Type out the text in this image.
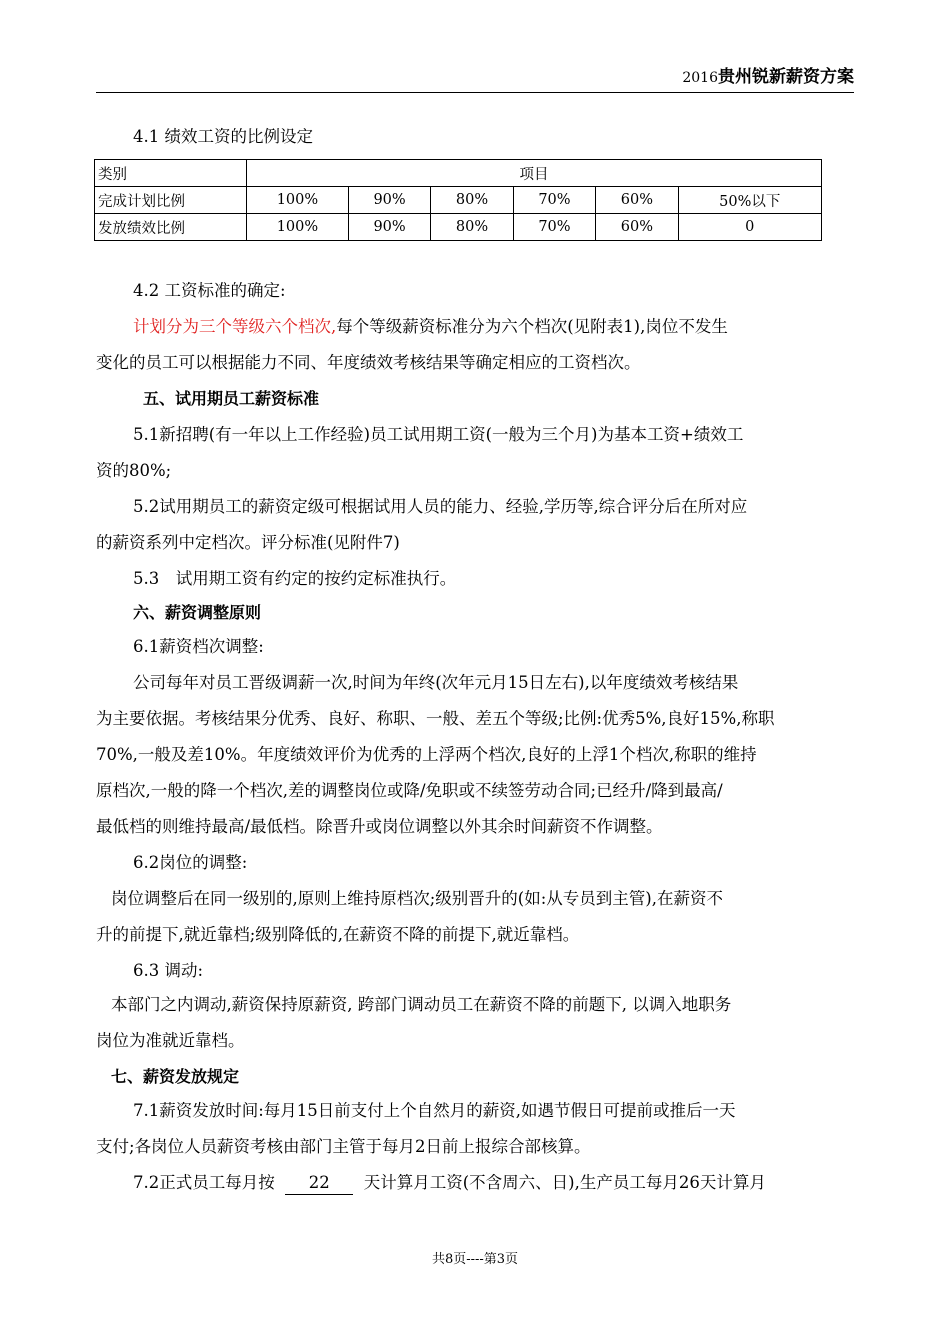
2016贵州锐新薪资方案

4.1 绩效工资的比例设定

类别	项目					
完成计划比例	100%	90%	80%	70%	60%	50%以下
发放绩效比例	100%	90%	80%	70%	60%	0

4.2 工资标准的确定:

计划分为三个等级六个档次,每个等级薪资标准分为六个档次(见附表1),岗位不发生

变化的员工可以根据能力不同、年度绩效考核结果等确定相应的工资档次。

五、试用期员工薪资标准

5.1新招聘(有一年以上工作经验)员工试用期工资(一般为三个月)为基本工资+绩效工

资的80%;

5.2试用期员工的薪资定级可根据试用人员的能力、经验,学历等,综合评分后在所对应

的薪资系列中定档次。评分标准(见附件7)

5.3　试用期工资有约定的按约定标准执行。

六、薪资调整原则

6.1薪资档次调整:

公司每年对员工晋级调薪一次,时间为年终(次年元月15日左右),以年度绩效考核结果

为主要依据。考核结果分优秀、良好、称职、一般、差五个等级;比例:优秀5%,良好15%,称职

70%,一般及差10%。年度绩效评价为优秀的上浮两个档次,良好的上浮1个档次,称职的维持

原档次,一般的降一个档次,差的调整岗位或降/免职或不续签劳动合同;已经升/降到最高/

最低档的则维持最高/最低档。除晋升或岗位调整以外其余时间薪资不作调整。

6.2岗位的调整:

岗位调整后在同一级别的,原则上维持原档次;级别晋升的(如:从专员到主管),在薪资不

升的前提下,就近靠档;级别降低的,在薪资不降的前提下,就近靠档。

6.3 调动:

本部门之内调动,薪资保持原薪资, 跨部门调动员工在薪资不降的前题下, 以调入地职务

岗位为准就近靠档。

七、薪资发放规定

7.1薪资发放时间:每月15日前支付上个自然月的薪资,如遇节假日可提前或推后一天

支付;各岗位人员薪资考核由部门主管于每月2日前上报综合部核算。

7.2正式员工每月按 22 天计算月工资(不含周六、日),生产员工每月26天计算月

共8页----第3页
